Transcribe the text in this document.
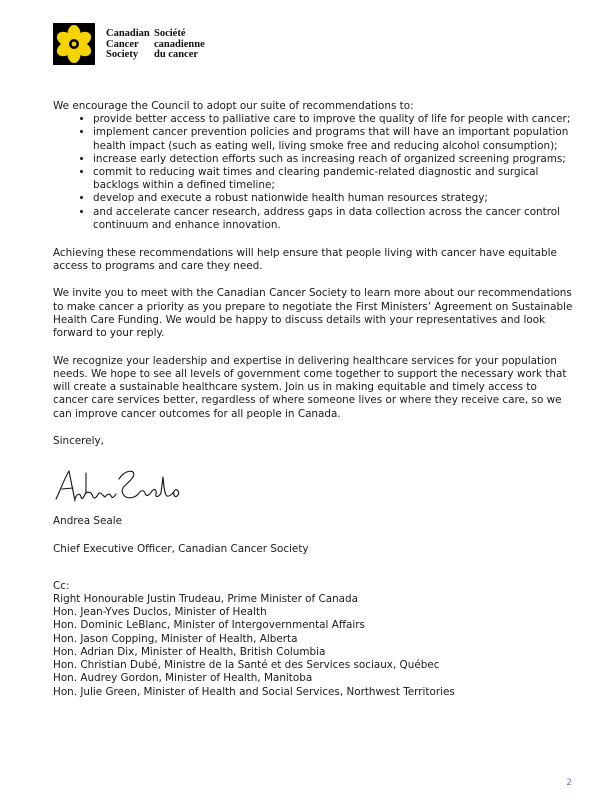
Canadian
Cancer
Society
Société
canadienne
du cancer
We encourage the Council to adopt our suite of recommendations to:
• provide better access to palliative care to improve the quality of life for people with cancer;
• implement cancer prevention policies and programs that will have an important population health impact (such as eating well, living smoke free and reducing alcohol consumption);
• increase early detection efforts such as increasing reach of organized screening programs;
• commit to reducing wait times and clearing pandemic-related diagnostic and surgical backlogs within a defined timeline;
• develop and execute a robust nationwide health human resources strategy;
• and accelerate cancer research, address gaps in data collection across the cancer control continuum and enhance innovation.

Achieving these recommendations will help ensure that people living with cancer have equitable access to programs and care they need.

We invite you to meet with the Canadian Cancer Society to learn more about our recommendations to make cancer a priority as you prepare to negotiate the First Ministers’ Agreement on Sustainable Health Care Funding. We would be happy to discuss details with your representatives and look forward to your reply.

We recognize your leadership and expertise in delivering healthcare services for your population needs. We hope to see all levels of government come together to support the necessary work that will create a sustainable healthcare system. Join us in making equitable and timely access to cancer care services better, regardless of where someone lives or where they receive care, so we can improve cancer outcomes for all people in Canada.

Sincerely,

Andrea Seale

Chief Executive Officer, Canadian Cancer Society

Cc:
Right Honourable Justin Trudeau, Prime Minister of Canada
Hon. Jean-Yves Duclos, Minister of Health
Hon. Dominic LeBlanc, Minister of Intergovernmental Affairs
Hon. Jason Copping, Minister of Health, Alberta
Hon. Adrian Dix, Minister of Health, British Columbia
Hon. Christian Dubé, Ministre de la Santé et des Services sociaux, Québec
Hon. Audrey Gordon, Minister of Health, Manitoba
Hon. Julie Green, Minister of Health and Social Services, Northwest Territories
2
